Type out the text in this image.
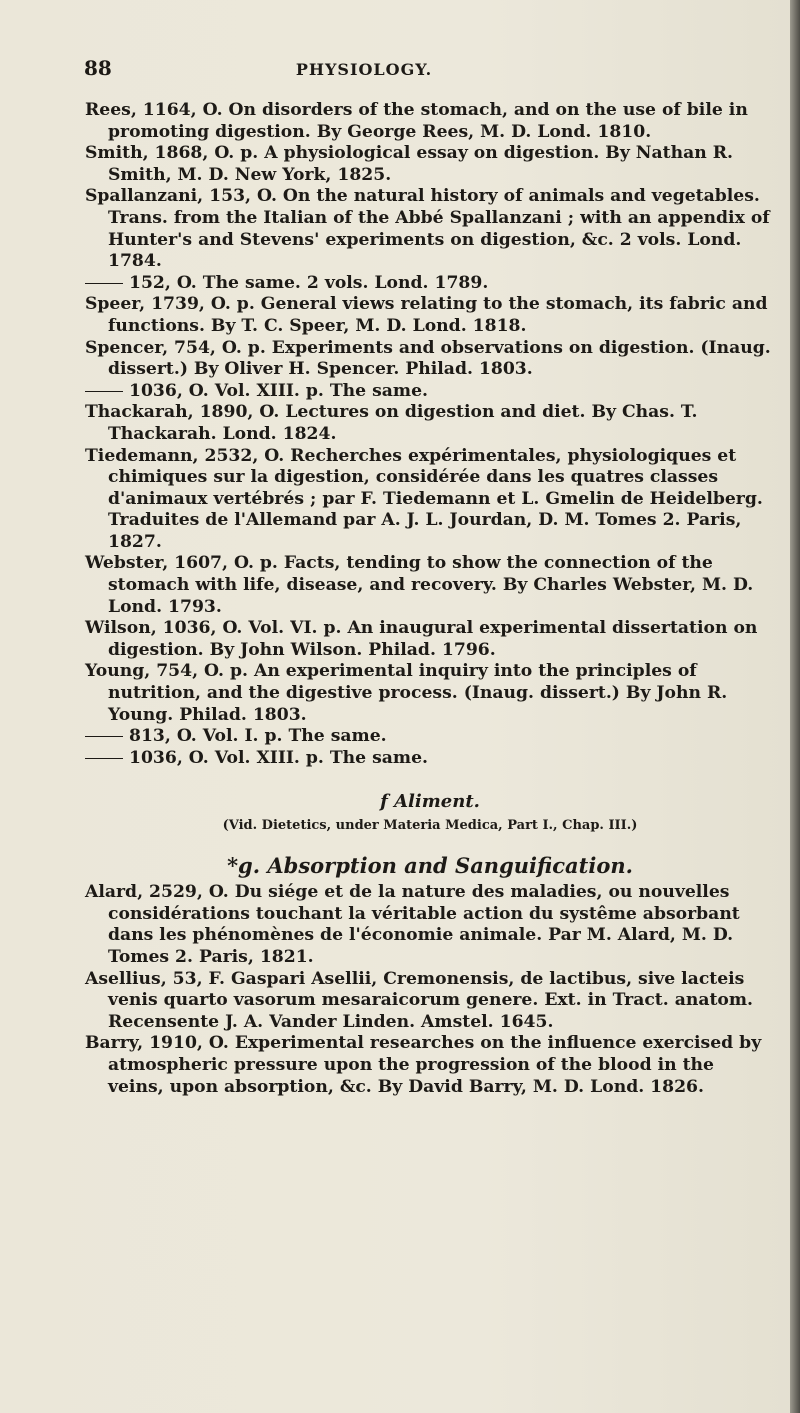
88	PHYSIOLOGY.
Rees, 1164, O. On disorders of the stomach, and on the use of bile in promoting digestion. By George Rees, M. D. Lond. 1810.
Smith, 1868, O. p. A physiological essay on digestion. By Nathan R. Smith, M. D. New York, 1825.
Spallanzani, 153, O. On the natural history of animals and vegetables. Trans. from the Italian of the Abbé Spallanzani ; with an appendix of Hunter's and Stevens' experiments on digestion, &c. 2 vols. Lond. 1784.
152, O. The same. 2 vols. Lond. 1789.
Speer, 1739, O. p. General views relating to the stomach, its fabric and functions. By T. C. Speer, M. D. Lond. 1818.
Spencer, 754, O. p. Experiments and observations on digestion. (Inaug. dissert.) By Oliver H. Spencer. Philad. 1803.
1036, O. Vol. XIII. p. The same.
Thackarah, 1890, O. Lectures on digestion and diet. By Chas. T. Thackarah. Lond. 1824.
Tiedemann, 2532, O. Recherches expérimentales, physiologiques et chimiques sur la digestion, considérée dans les quatres classes d'animaux vertébrés ; par F. Tiedemann et L. Gmelin de Heidelberg. Traduites de l'Allemand par A. J. L. Jourdan, D. M. Tomes 2. Paris, 1827.
Webster, 1607, O. p. Facts, tending to show the connection of the stomach with life, disease, and recovery. By Charles Webster, M. D. Lond. 1793.
Wilson, 1036, O. Vol. VI. p. An inaugural experimental dissertation on digestion. By John Wilson. Philad. 1796.
Young, 754, O. p. An experimental inquiry into the principles of nutrition, and the digestive process. (Inaug. dissert.) By John R. Young. Philad. 1803.
813, O. Vol. I. p. The same.
1036, O. Vol. XIII. p. The same.
f Aliment.
(Vid. Dietetics, under Materia Medica, Part I., Chap. III.)
*g. Absorption and Sanguification.
Alard, 2529, O. Du siége et de la nature des maladies, ou nouvelles considérations touchant la véritable action du systême absorbant dans les phénomènes de l'économie animale. Par M. Alard, M. D. Tomes 2. Paris, 1821.
Asellius, 53, F. Gaspari Asellii, Cremonensis, de lactibus, sive lacteis venis quarto vasorum mesaraicorum genere. Ext. in Tract. anatom. Recensente J. A. Vander Linden. Amstel. 1645.
Barry, 1910, O. Experimental researches on the influence exercised by atmospheric pressure upon the progression of the blood in the veins, upon absorption, &c. By David Barry, M. D. Lond. 1826.
